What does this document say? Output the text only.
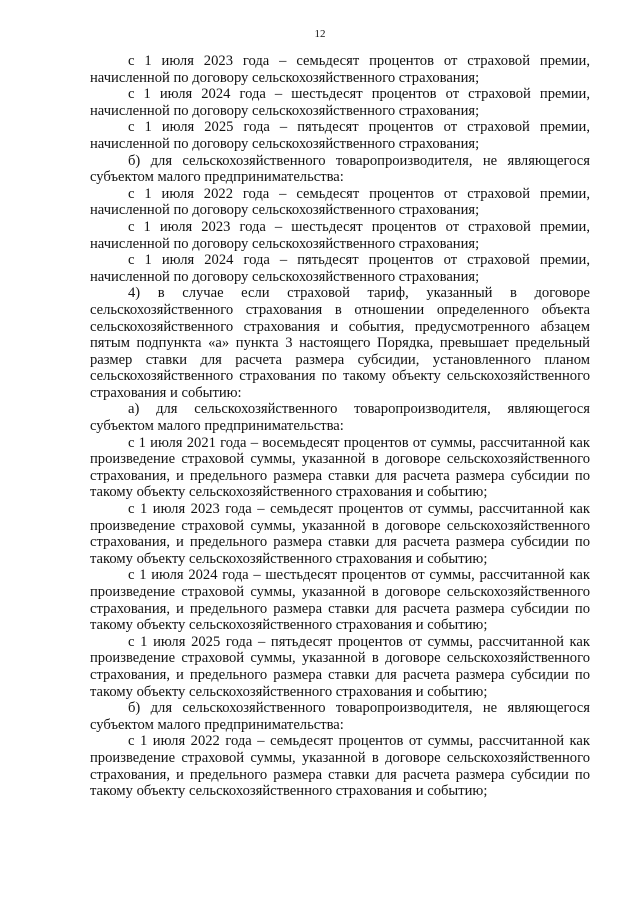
12

с 1 июля 2023 года – семьдесят процентов от страховой премии, начисленной по договору сельскохозяйственного страхования;

с 1 июля 2024 года – шестьдесят процентов от страховой премии, начисленной по договору сельскохозяйственного страхования;

с 1 июля 2025 года – пятьдесят процентов от страховой премии, начисленной по договору сельскохозяйственного страхования;

б) для сельскохозяйственного товаропроизводителя, не являющегося субъектом малого предпринимательства:

с 1 июля 2022 года – семьдесят процентов от страховой премии, начисленной по договору сельскохозяйственного страхования;

с 1 июля 2023 года – шестьдесят процентов от страховой премии, начисленной по договору сельскохозяйственного страхования;

с 1 июля 2024 года – пятьдесят процентов от страховой премии, начисленной по договору сельскохозяйственного страхования;

4) в случае если страховой тариф, указанный в договоре сельскохозяйственного страхования в отношении определенного объекта сельскохозяйственного страхования и события, предусмотренного абзацем пятым подпункта «а» пункта 3 настоящего Порядка, превышает предельный размер ставки для расчета размера субсидии, установленного планом сельскохозяйственного страхования по такому объекту сельскохозяйственного страхования и событию:

а) для сельскохозяйственного товаропроизводителя, являющегося субъектом малого предпринимательства:

с 1 июля 2021 года – восемьдесят процентов от суммы, рассчитанной как произведение страховой суммы, указанной в договоре сельскохозяйственного страхования, и предельного размера ставки для расчета размера субсидии по такому объекту сельскохозяйственного страхования и событию;

с 1 июля 2023 года – семьдесят процентов от суммы, рассчитанной как произведение страховой суммы, указанной в договоре сельскохозяйственного страхования, и предельного размера ставки для расчета размера субсидии по такому объекту сельскохозяйственного страхования и событию;

с 1 июля 2024 года – шестьдесят процентов от суммы, рассчитанной как произведение страховой суммы, указанной в договоре сельскохозяйственного страхования, и предельного размера ставки для расчета размера субсидии по такому объекту сельскохозяйственного страхования и событию;

с 1 июля 2025 года – пятьдесят процентов от суммы, рассчитанной как произведение страховой суммы, указанной в договоре сельскохозяйственного страхования, и предельного размера ставки для расчета размера субсидии по такому объекту сельскохозяйственного страхования и событию;

б) для сельскохозяйственного товаропроизводителя, не являющегося субъектом малого предпринимательства:

с 1 июля 2022 года – семьдесят процентов от суммы, рассчитанной как произведение страховой суммы, указанной в договоре сельскохозяйственного страхования, и предельного размера ставки для расчета размера субсидии по такому объекту сельскохозяйственного страхования и событию;
